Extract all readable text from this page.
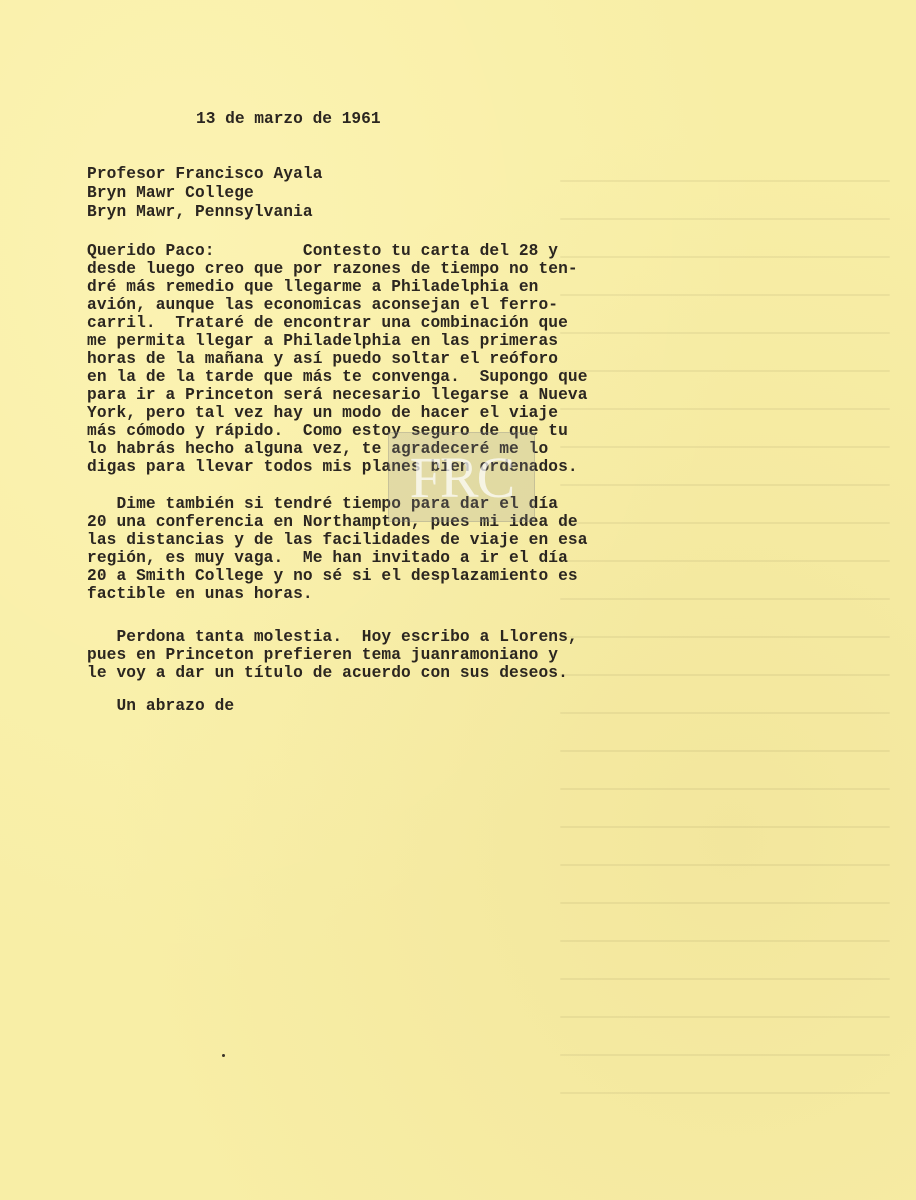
13 de marzo de 1961
Profesor Francisco Ayala
Bryn Mawr College
Bryn Mawr, Pennsylvania
Querido Paco:         Contesto tu carta del 28 y
desde luego creo que por razones de tiempo no ten-
dré más remedio que llegarme a Philadelphia en
avión, aunque las economicas aconsejan el ferro-
carril.  Trataré de encontrar una combinación que
me permita llegar a Philadelphia en las primeras
horas de la mañana y así puedo soltar el reóforo
en la de la tarde que más te convenga.  Supongo que
para ir a Princeton será necesario llegarse a Nueva
York, pero tal vez hay un modo de hacer el viaje
más cómodo y rápido.  Como estoy seguro de que tu
lo habrás hecho alguna vez, te agradeceré me lo
digas para llevar todos mis planes bien ordenados.
Dime también si tendré tiempo para dar el día
20 una conferencia en Northampton, pues mi idea de
las distancias y de las facilidades de viaje en esa
región, es muy vaga.  Me han invitado a ir el día
20 a Smith College y no sé si el desplazamiento es
factible en unas horas.
Perdona tanta molestia.  Hoy escribo a Llorens,
pues en Princeton prefieren tema juanramoniano y
le voy a dar un título de acuerdo con sus deseos.
Un abrazo de
FRC
